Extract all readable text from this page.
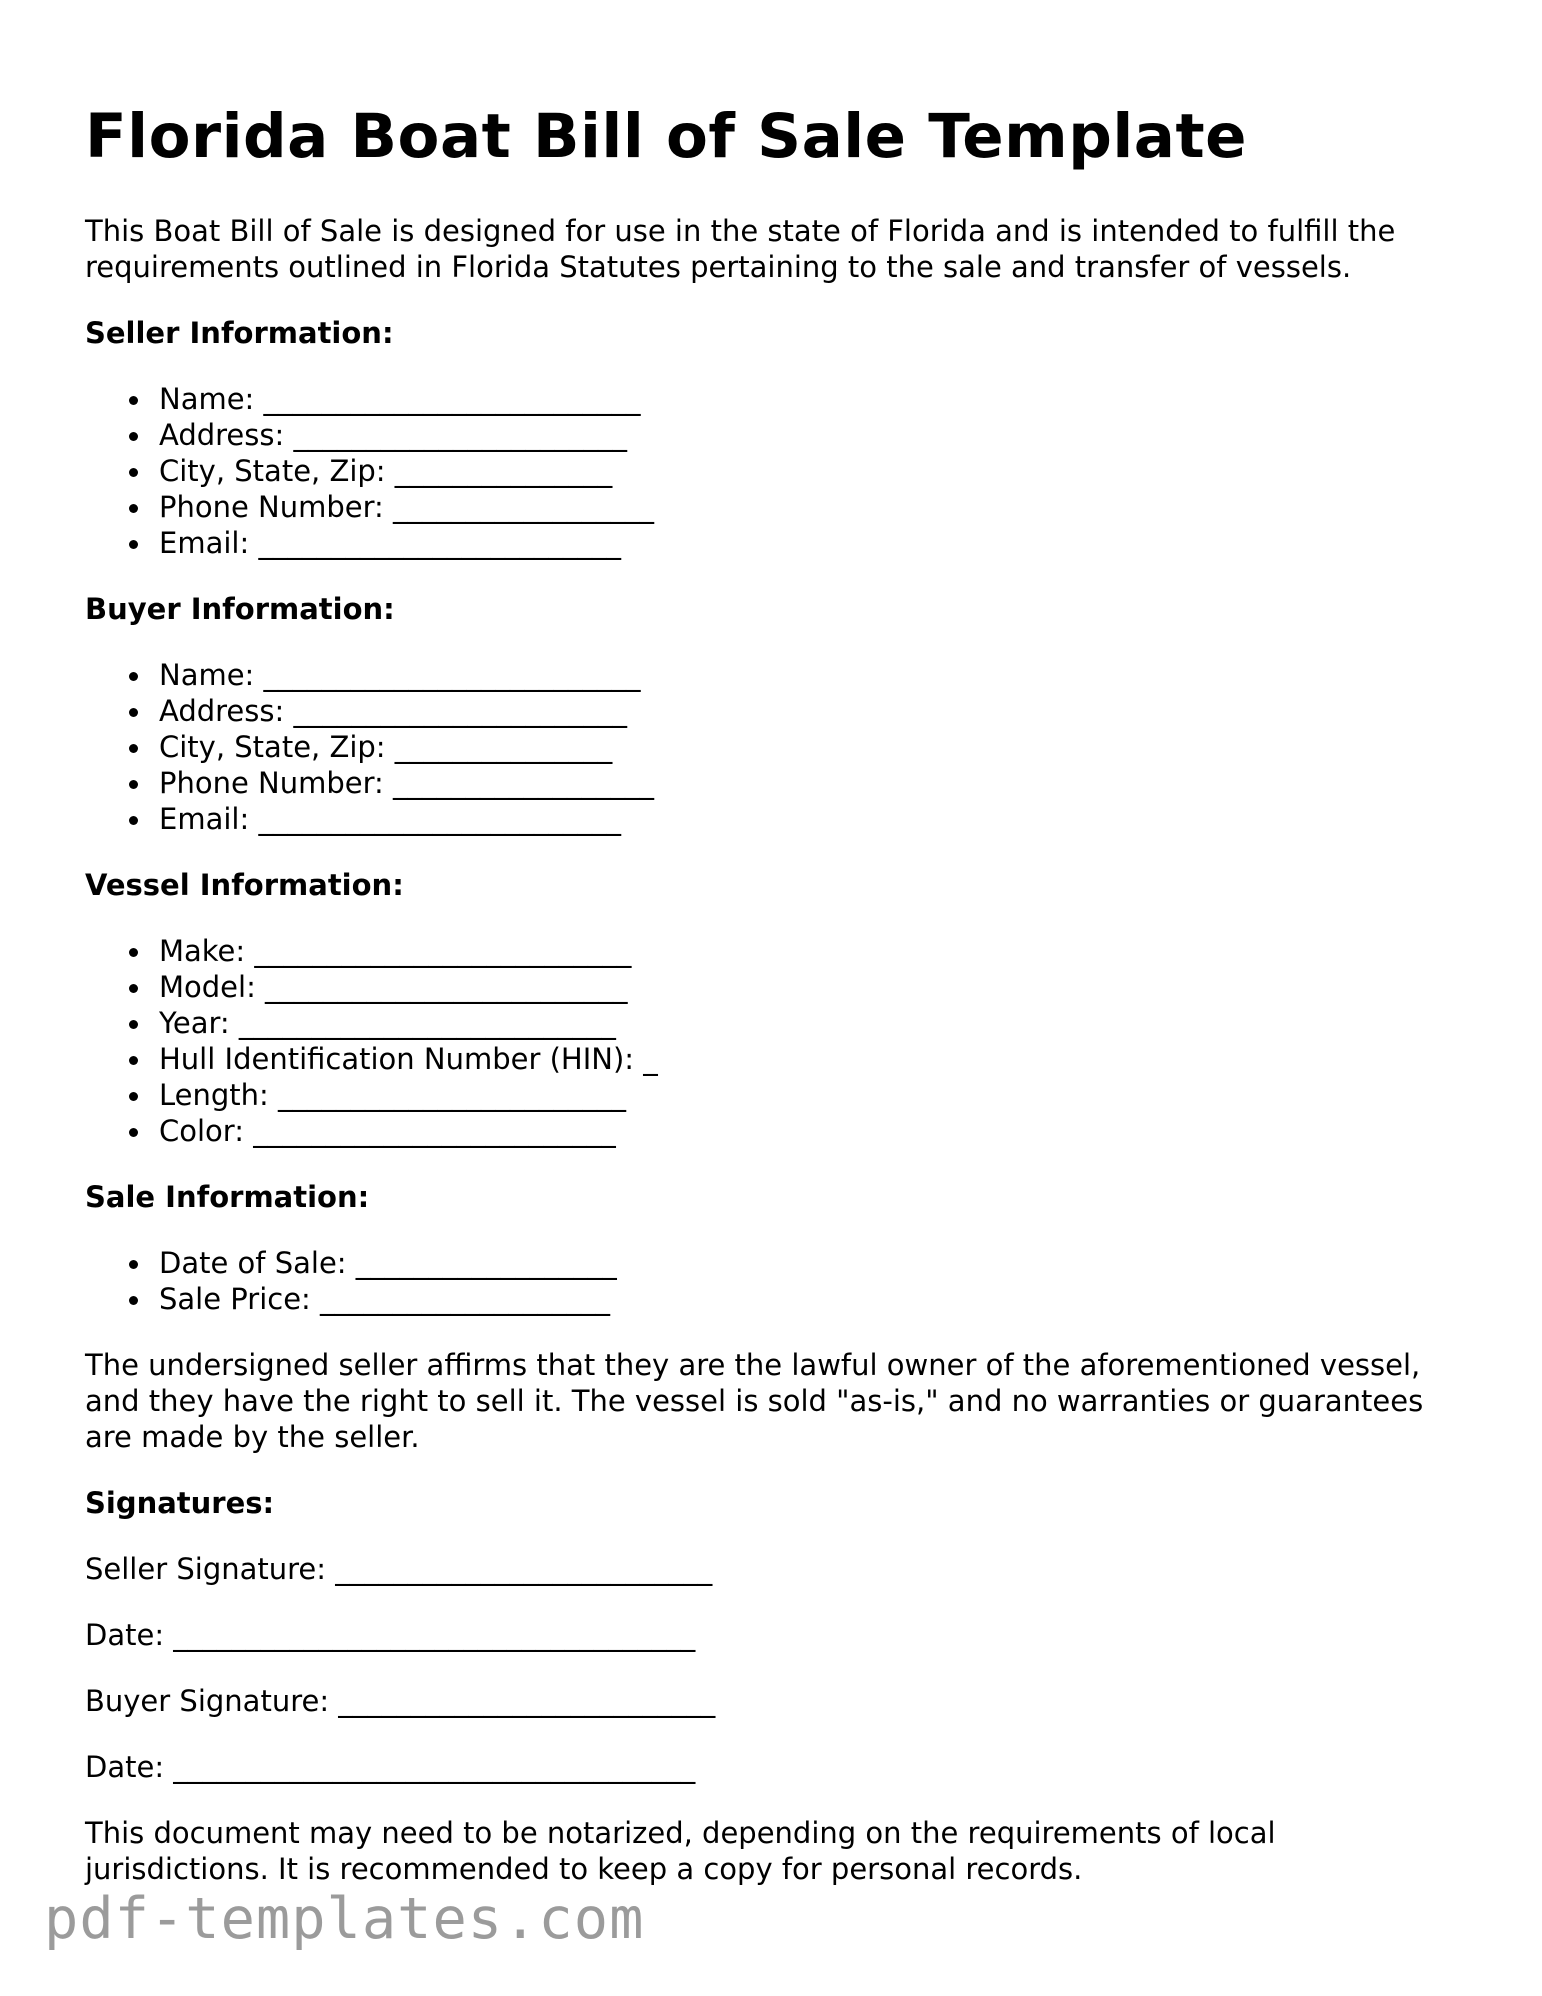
Florida Boat Bill of Sale Template

This Boat Bill of Sale is designed for use in the state of Florida and is intended to fulfill the requirements outlined in Florida Statutes pertaining to the sale and transfer of vessels.

Seller Information:
Name: __________________________
Address: _______________________
City, State, Zip: _______________
Phone Number: __________________
Email: _________________________
Buyer Information:
Name: __________________________
Address: _______________________
City, State, Zip: _______________
Phone Number: __________________
Email: _________________________
Vessel Information:
Make: __________________________
Model: _________________________
Year: __________________________
Hull Identification Number (HIN): _
Length: ________________________
Color: _________________________
Sale Information:
Date of Sale: __________________
Sale Price: ____________________

The undersigned seller affirms that they are the lawful owner of the aforementioned vessel, and they have the right to sell it. The vessel is sold "as-is," and no warranties or guarantees are made by the seller.

Signatures:
Seller Signature: __________________________
Date: ____________________________________
Buyer Signature: __________________________
Date: ____________________________________

This document may need to be notarized, depending on the requirements of local jurisdictions. It is recommended to keep a copy for personal records.

pdf-templates.com
